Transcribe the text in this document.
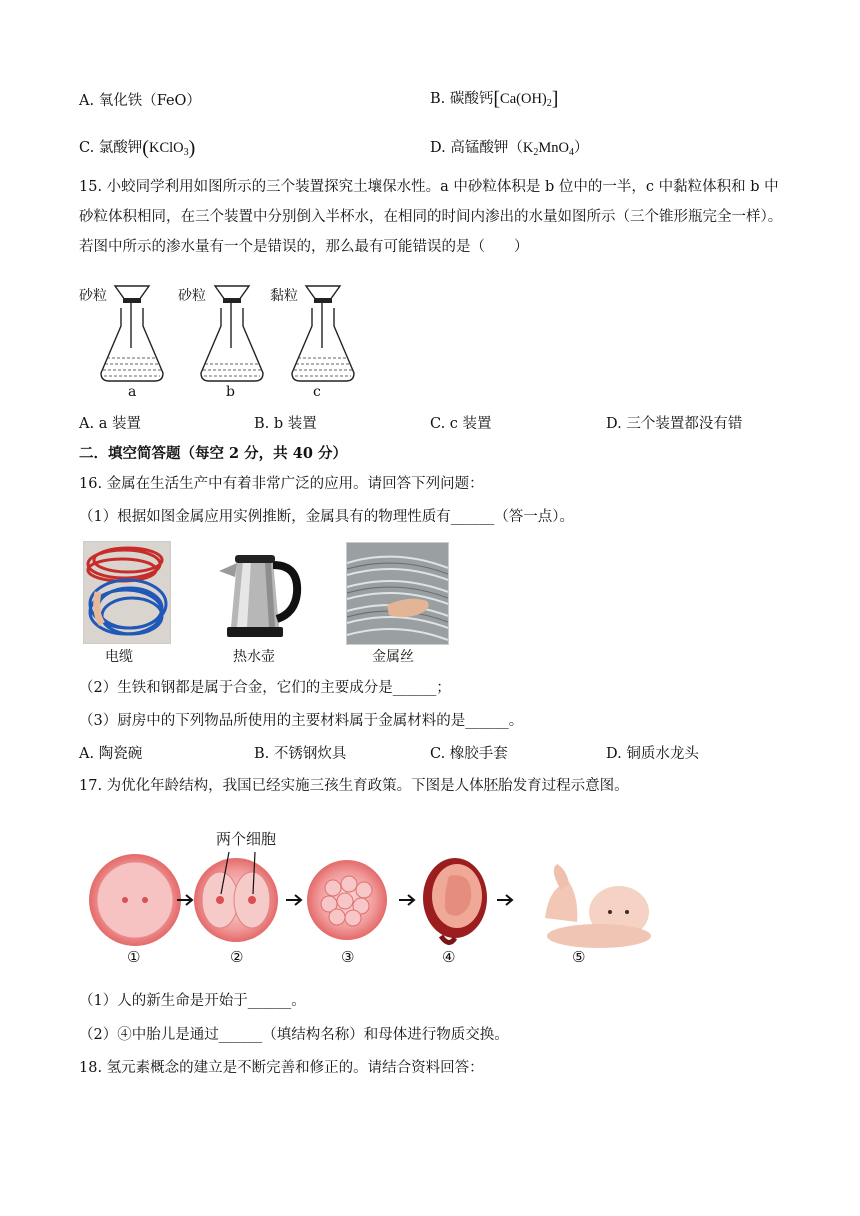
A. 氧化铁（FeO）	B. 碳酸钙$[Ca(OH)_2]$
C. 氯酸钾(KClO$_3$)	D. 高锰酸钾$(K_2MnO_4)$
15. 小蛟同学利用如图所示的三个装置探究土壤保水性。a 中砂粒体积是 b 位中的一半，c 中黏粒体积和 b 中砂粒体积相同，在三个装置中分别倒入半杯水，在相同的时间内渗出的水量如图所示（三个锥形瓶完全一样）。若图中所示的渗水量有一个是错误的，那么最有可能错误的是（　　）
砂粒	砂粒	黏粒
a	b	c
A. a 装置	B. b 装置	C. c 装置	D. 三个装置都没有错
二．填空简答题（每空 2 分，共 40 分）
16. 金属在生活生产中有着非常广泛的应用。请回答下列问题：
（1）根据如图金属应用实例推断，金属具有的物理性质有______（答一点）。
电缆	热水壶	金属丝
（2）生铁和钢都是属于合金，它们的主要成分是______；
（3）厨房中的下列物品所使用的主要材料属于金属材料的是______。
A. 陶瓷碗	B. 不锈钢炊具	C. 橡胶手套	D. 铜质水龙头
17. 为优化年龄结构，我国已经实施三孩生育政策。下图是人体胚胎发育过程示意图。
两个细胞
①	②	③	④	⑤
（1）人的新生命是开始于______。
（2）④中胎儿是通过______（填结构名称）和母体进行物质交换。
18. 氢元素概念的建立是不断完善和修正的。请结合资料回答：
